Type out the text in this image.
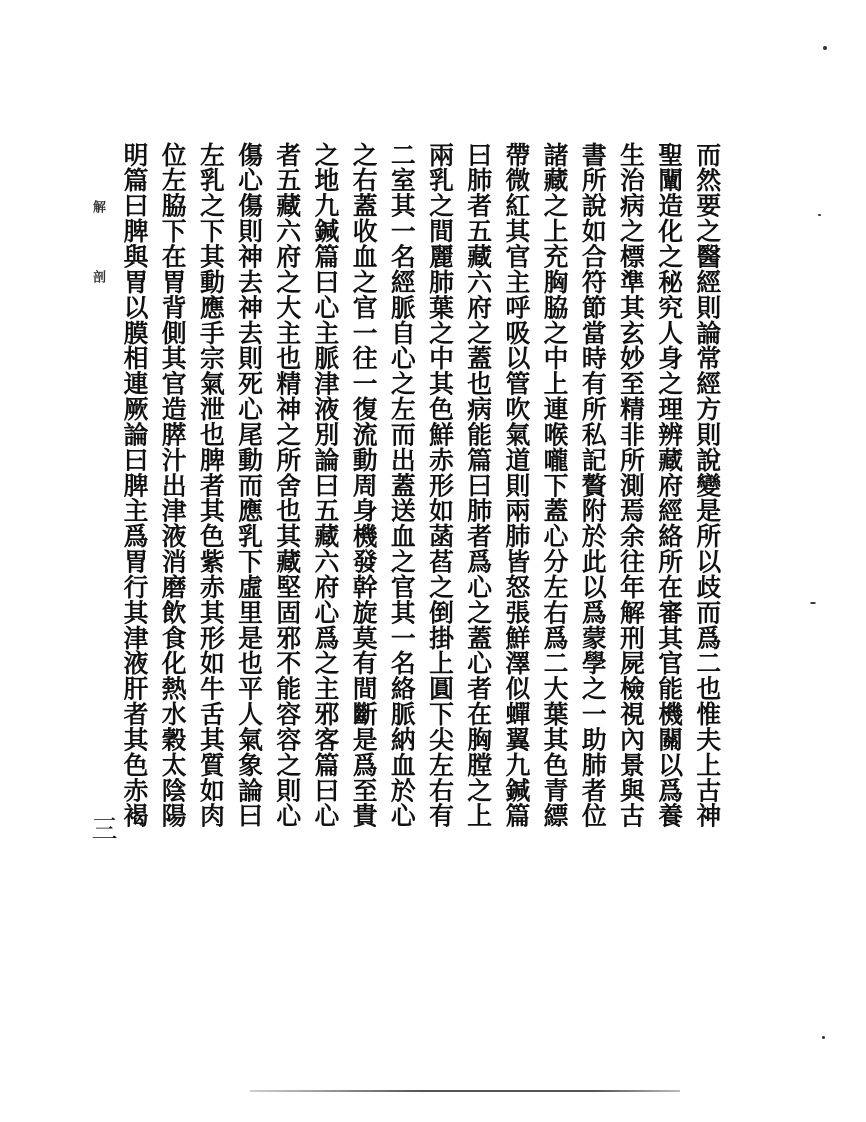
而然要之醫經則論常經方則說變是所以歧而爲二也惟夫上古神
聖闡造化之秘究人身之理辨藏府經絡所在審其官能機關以爲養
生治病之標準其玄妙至精非所測焉余往年解刑屍檢視內景與古
書所說如合符節當時有所私記贅附於此以爲蒙學之一助肺者位
諸藏之上充胸脇之中上連喉嚨下蓋心分左右爲二大葉其色青縹
帶微紅其官主呼吸以管吹氣道則兩肺皆怒張鮮澤似蟬翼九鍼篇
曰肺者五藏六府之蓋也病能篇曰肺者爲心之蓋心者在胸膛之上
兩乳之間麗肺葉之中其色鮮赤形如菡萏之倒掛上圓下尖左右有
二室其一名經脈自心之左而出蓋送血之官其一名絡脈納血於心
之右蓋收血之官一往一復流動周身機發幹旋莫有間斷是爲至貴
之地九鍼篇曰心主脈津液別論曰五藏六府心爲之主邪客篇曰心
者五藏六府之大主也精神之所舍也其藏堅固邪不能容容之則心
傷心傷則神去神去則死心尾動而應乳下虛里是也平人氣象論曰
左乳之下其動應手宗氣泄也脾者其色紫赤其形如牛舌其質如肉
位左脇下在胃背側其官造膵汁出津液消磨飲食化熱水穀太陰陽
明篇曰脾與胃以膜相連厥論曰脾主爲胃行其津液肝者其色赤褐
解
剖
三
